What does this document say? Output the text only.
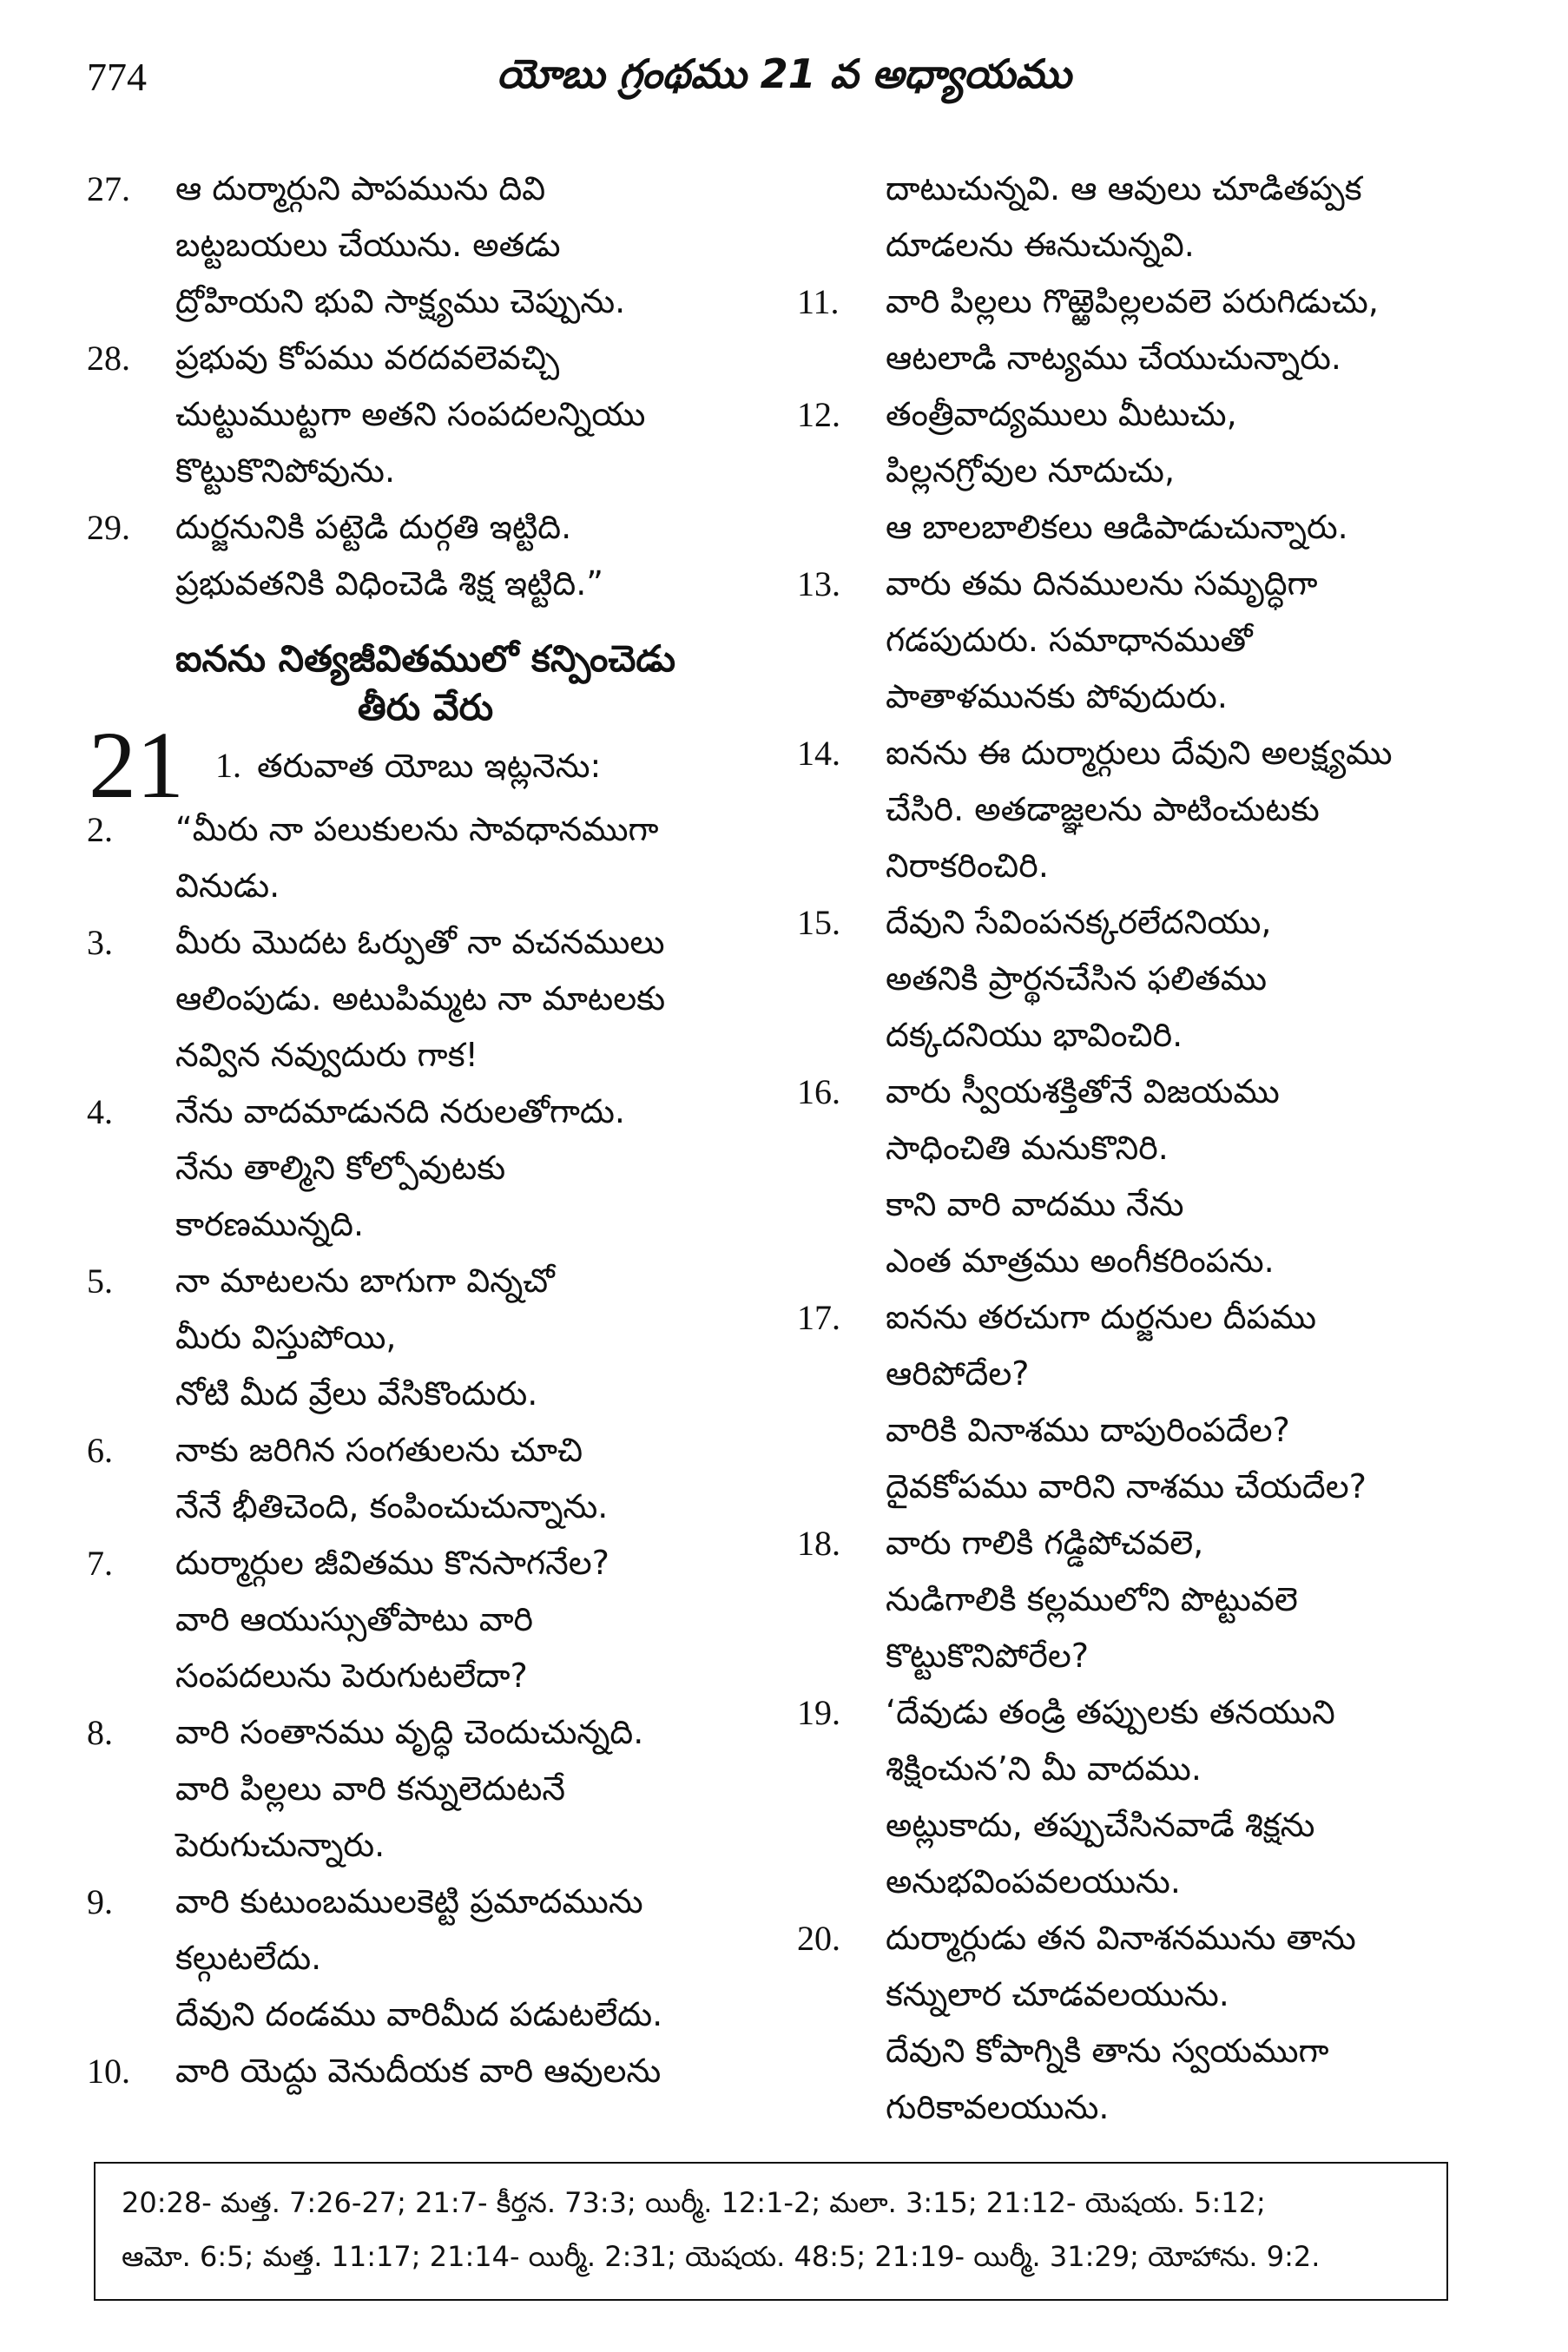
774	యోబు గ్రంథము 21 వ అధ్యాయము
27. ఆ దుర్మార్గుని పాపమును దివి
బట్టబయలు చేయును. అతడు
ద్రోహియని భువి సాక్ష్యము చెప్పును.
28. ప్రభువు కోపము వరదవలెవచ్చి
చుట్టుముట్టగా అతని సంపదలన్నియు
కొట్టుకొనిపోవును.
29. దుర్జనునికి పట్టెడి దుర్గతి ఇట్టిది.
ప్రభువతనికి విధించెడి శిక్ష ఇట్టిది.”
ఐనను నిత్యజీవితములో కన్పించెడు
తీరు వేరు
21 1. తరువాత యోబు ఇట్లనెను:
2. “మీరు నా పలుకులను సావధానముగా
వినుడు.
3. మీరు మొదట ఓర్పుతో నా వచనములు
ఆలింపుడు. అటుపిమ్మట నా మాటలకు
నవ్విన నవ్వుదురు గాక!
4. నేను వాదమాడునది నరులతోగాదు.
నేను తాల్మిని కోల్పోవుటకు
కారణమున్నది.
5. నా మాటలను బాగుగా విన్నచో
మీరు విస్తుపోయి,
నోటి మీద వ్రేలు వేసికొందురు.
6. నాకు జరిగిన సంగతులను చూచి
నేనే భీతిచెంది, కంపించుచున్నాను.
7. దుర్మార్గుల జీవితము కొనసాగనేల?
వారి ఆయుస్సుతోపాటు వారి
సంపదలును పెరుగుటలేదా?
8. వారి సంతానము వృద్ధి చెందుచున్నది.
వారి పిల్లలు వారి కన్నులెదుటనే
పెరుగుచున్నారు.
9. వారి కుటుంబములకెట్టి ప్రమాదమును
కల్గుటలేదు.
దేవుని దండము వారిమీద పడుటలేదు.
10. వారి యెద్దు వెనుదీయక వారి ఆవులను
దాటుచున్నవి. ఆ ఆవులు చూడితప్పక
దూడలను ఈనుచున్నవి.
11. వారి పిల్లలు గొఱ్ఱెపిల్లలవలె పరుగిడుచు,
ఆటలాడి నాట్యము చేయుచున్నారు.
12. తంత్రీవాద్యములు మీటుచు,
పిల్లనగ్రోవుల నూదుచు,
ఆ బాలబాలికలు ఆడిపాడుచున్నారు.
13. వారు తమ దినములను సమృద్ధిగా
గడపుదురు. సమాధానముతో
పాతాళమునకు పోవుదురు.
14. ఐనను ఈ దుర్మార్గులు దేవుని అలక్ష్యము
చేసిరి. అతడాజ్ఞలను పాటించుటకు
నిరాకరించిరి.
15. దేవుని సేవింపనక్కరలేదనియు,
అతనికి ప్రార్థనచేసిన ఫలితము
దక్కదనియు భావించిరి.
16. వారు స్వీయశక్తితోనే విజయము
సాధించితి మనుకొనిరి.
కాని వారి వాదము నేను
ఎంత మాత్రము అంగీకరింపను.
17. ఐనను తరచుగా దుర్జనుల దీపము
ఆరిపోదేల?
వారికి వినాశము దాపురింపదేల?
దైవకోపము వారిని నాశము చేయదేల?
18. వారు గాలికి గడ్డిపోచవలె,
నుడిగాలికి కల్లములోని పొట్టువలె
కొట్టుకొనిపోరేల?
19. ‘దేవుడు తండ్రి తప్పులకు తనయుని
శిక్షించున’ని మీ వాదము.
అట్లుకాదు, తప్పుచేసినవాడే శిక్షను
అనుభవింపవలయును.
20. దుర్మార్గుడు తన వినాశనమును తాను
కన్నులార చూడవలయును.
దేవుని కోపాగ్నికి తాను స్వయముగా
గురికావలయును.
20:28- మత్త. 7:26-27; 21:7- కీర్తన. 73:3; యిర్మీ. 12:1-2; మలా. 3:15; 21:12- యెషయ. 5:12;
ఆమో. 6:5; మత్త. 11:17; 21:14- యిర్మీ. 2:31; యెషయ. 48:5; 21:19- యిర్మీ. 31:29; యోహాను. 9:2.
